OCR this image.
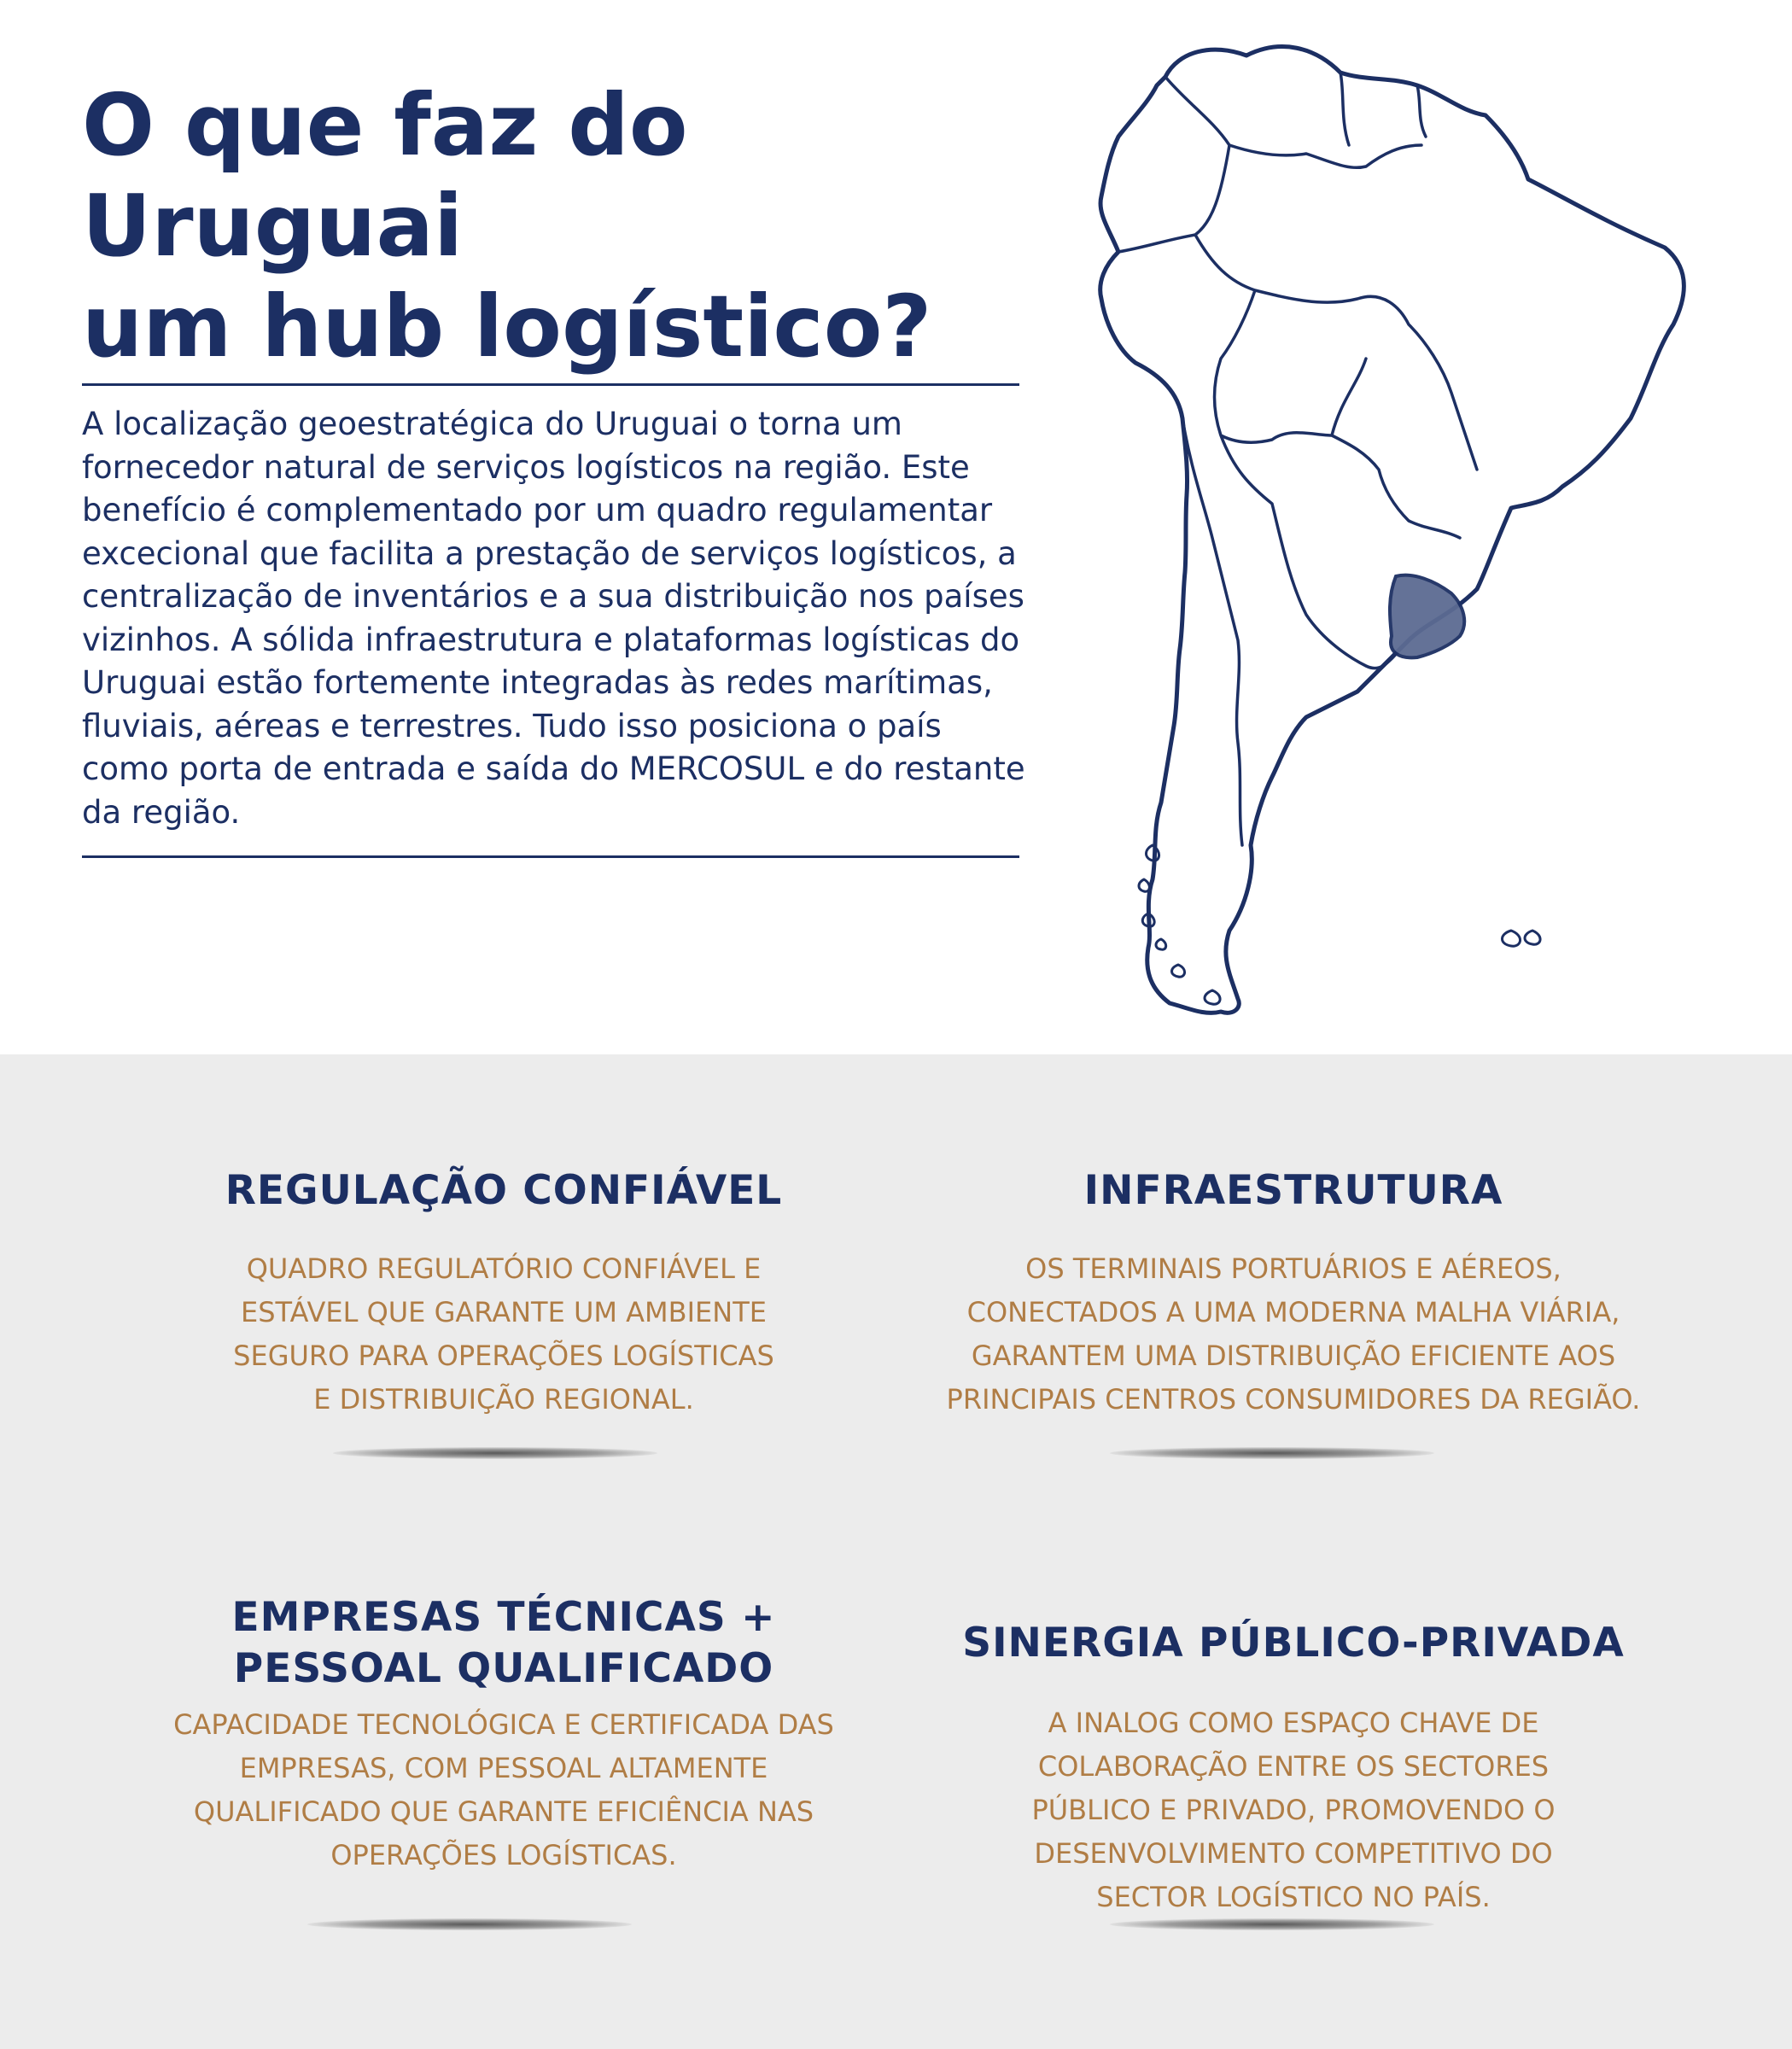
O que faz do Uruguai
um hub logístico?

A localização geoestratégica do Uruguai o torna um fornecedor natural de serviços logísticos na região. Este benefício é complementado por um quadro regulamentar excecional que facilita a prestação de serviços logísticos, a centralização de inventários e a sua distribuição nos países vizinhos. A sólida infraestrutura e plataformas logísticas do Uruguai estão fortemente integradas às redes marítimas, fluviais, aéreas e terrestres. Tudo isso posiciona o país como porta de entrada e saída do MERCOSUL e do restante da região.

REGULAÇÃO CONFIÁVEL

QUADRO REGULATÓRIO CONFIÁVEL E ESTÁVEL QUE GARANTE UM AMBIENTE SEGURO PARA OPERAÇÕES LOGÍSTICAS E DISTRIBUIÇÃO REGIONAL.

INFRAESTRUTURA

OS TERMINAIS PORTUÁRIOS E AÉREOS, CONECTADOS A UMA MODERNA MALHA VIÁRIA, GARANTEM UMA DISTRIBUIÇÃO EFICIENTE AOS PRINCIPAIS CENTROS CONSUMIDORES DA REGIÃO.

EMPRESAS TÉCNICAS +
PESSOAL QUALIFICADO

CAPACIDADE TECNOLÓGICA E CERTIFICADA DAS EMPRESAS, COM PESSOAL ALTAMENTE QUALIFICADO QUE GARANTE EFICIÊNCIA NAS OPERAÇÕES LOGÍSTICAS.

SINERGIA PÚBLICO-PRIVADA

A INALOG COMO ESPAÇO CHAVE DE COLABORAÇÃO ENTRE OS SECTORES PÚBLICO E PRIVADO, PROMOVENDO O DESENVOLVIMENTO COMPETITIVO DO SECTOR LOGÍSTICO NO PAÍS.
